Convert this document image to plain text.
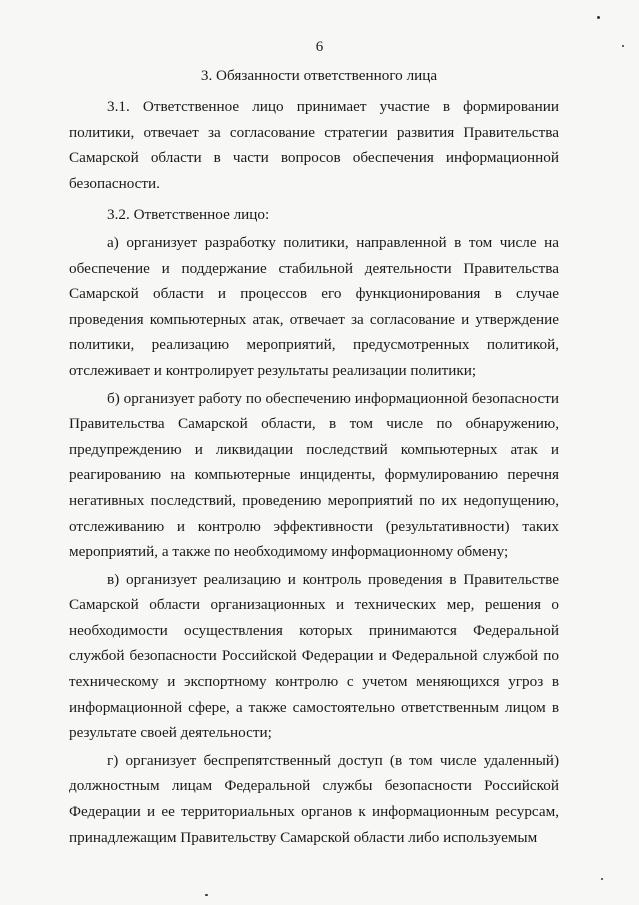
6
3. Обязанности ответственного лица

3.1. Ответственное лицо принимает участие в формировании политики, отвечает за согласование стратегии развития Правительства Самарской области в части вопросов обеспечения информационной безопасности.

3.2. Ответственное лицо:

а) организует разработку политики, направленной в том числе на обеспечение и поддержание стабильной деятельности Правительства Самарской области и процессов его функционирования в случае проведения компьютерных атак, отвечает за согласование и утверждение политики, реализацию мероприятий, предусмотренных политикой, отслеживает и контролирует результаты реализации политики;

б) организует работу по обеспечению информационной безопасности Правительства Самарской области, в том числе по обнаружению, предупреждению и ликвидации последствий компьютерных атак и реагированию на компьютерные инциденты, формулированию перечня негативных последствий, проведению мероприятий по их недопущению, отслеживанию и контролю эффективности (результативности) таких мероприятий, а также по необходимому информационному обмену;

в) организует реализацию и контроль проведения в Правительстве Самарской области организационных и технических мер, решения о необходимости осуществления которых принимаются Федеральной службой безопасности Российской Федерации и Федеральной службой по техническому и экспортному контролю с учетом меняющихся угроз в информационной сфере, а также самостоятельно ответственным лицом в результате своей деятельности;

г) организует беспрепятственный доступ (в том числе удаленный) должностным лицам Федеральной службы безопасности Российской Федерации и ее территориальных органов к информационным ресурсам, принадлежащим Правительству Самарской области либо используемым
